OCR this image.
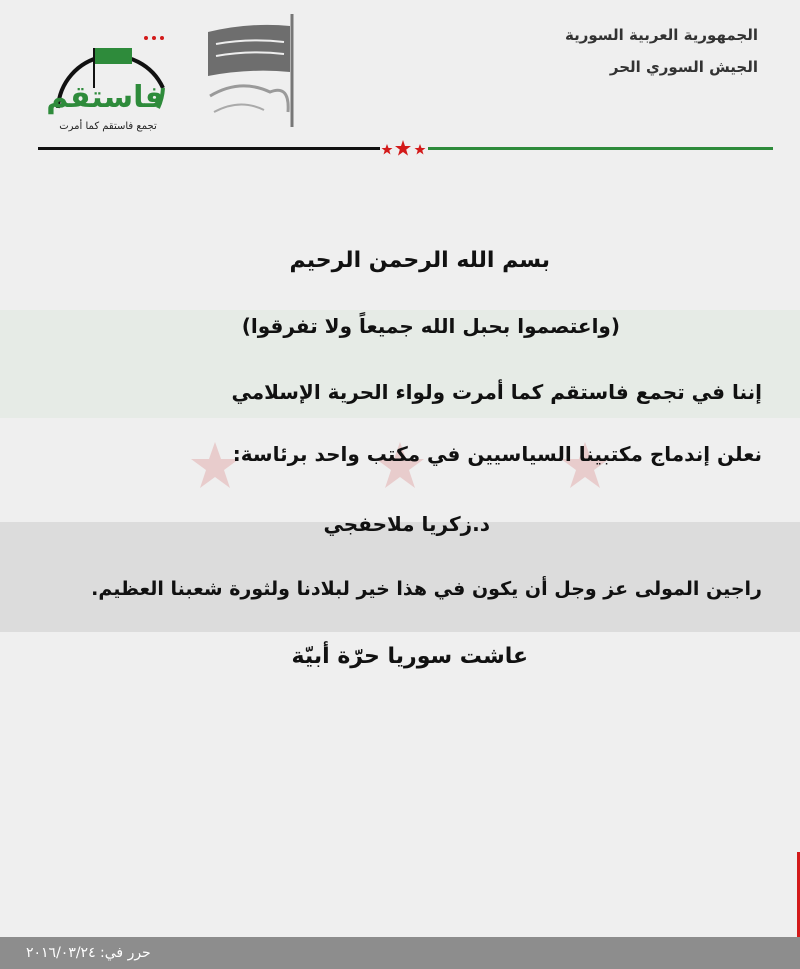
فاستقم
تجمع فاستقم كما أمرت
الجمهورية العربية السورية
الجيش السوري الحر
بسم الله الرحمن الرحيم
(واعتصموا بحبل الله جميعاً ولا تفرقوا)
إننا في تجمع فاستقم كما أمرت ولواء الحرية الإسلامي
نعلن إندماج مكتبينا السياسيين في مكتب واحد برئاسة:
د.زكريا ملاحفجي
راجين المولى عز وجل أن يكون في هذا خير لبلادنا ولثورة شعبنا العظيم.
عاشت سوريا حرّة أبيّة
حرر في: ٢٠١٦/٠٣/٢٤
